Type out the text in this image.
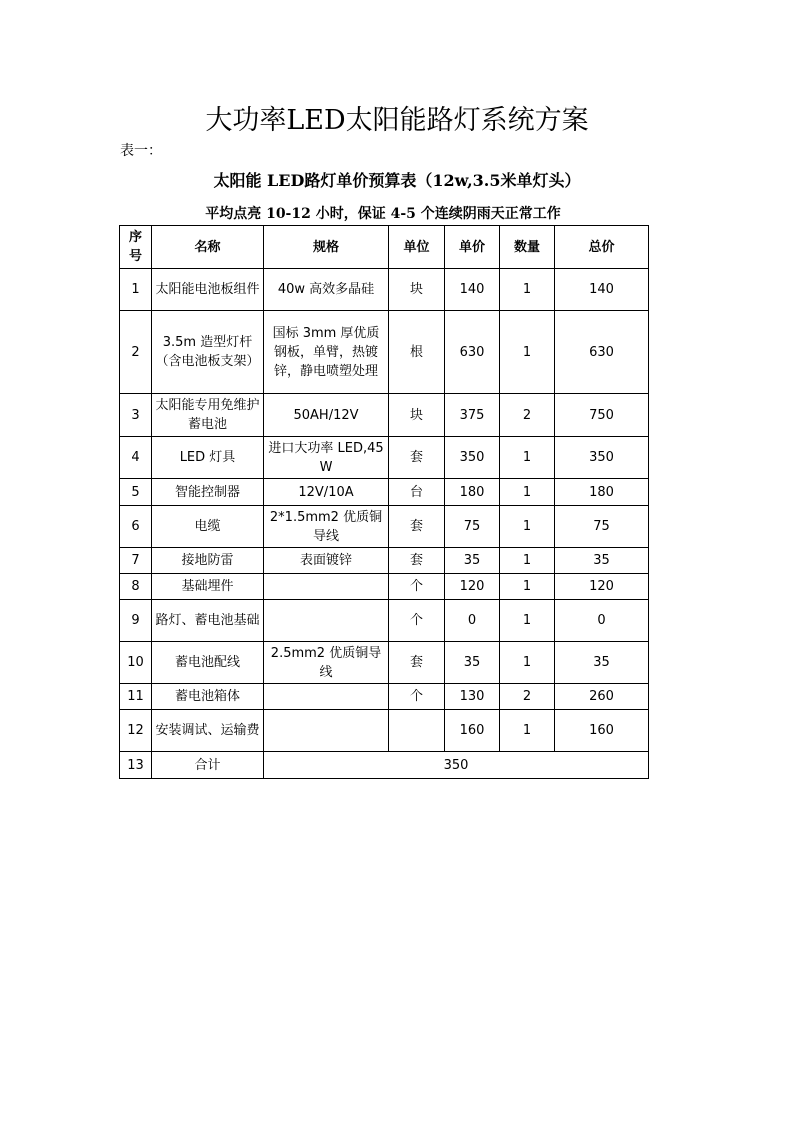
大功率LED太阳能路灯系统方案
表一：
太阳能 LED路灯单价预算表（12w,3.5米单灯头）
平均点亮 10-12 小时，保证 4-5 个连续阴雨天正常工作
序号	名称	规格	单位	单价	数量	总价
1	太阳能电池板组件	40w 高效多晶硅	块	140	1	140
2	3.5m 造型灯杆（含电池板支架）	国标 3mm 厚优质钢板，单臂，热镀锌，静电喷塑处理	根	630	1	630
3	太阳能专用免维护蓄电池	50AH/12V	块	375	2	750
4	LED 灯具	进口大功率 LED,45W	套	350	1	350
5	智能控制器	12V/10A	台	180	1	180
6	电缆	2*1.5mm2 优质铜导线	套	75	1	75
7	接地防雷	表面镀锌	套	35	1	35
8	基础埋件		个	120	1	120
9	路灯、蓄电池基础		个	0	1	0
10	蓄电池配线	2.5mm2 优质铜导线	套	35	1	35
11	蓄电池箱体		个	130	2	260
12	安装调试、运输费			160	1	160
13	合计	350				
